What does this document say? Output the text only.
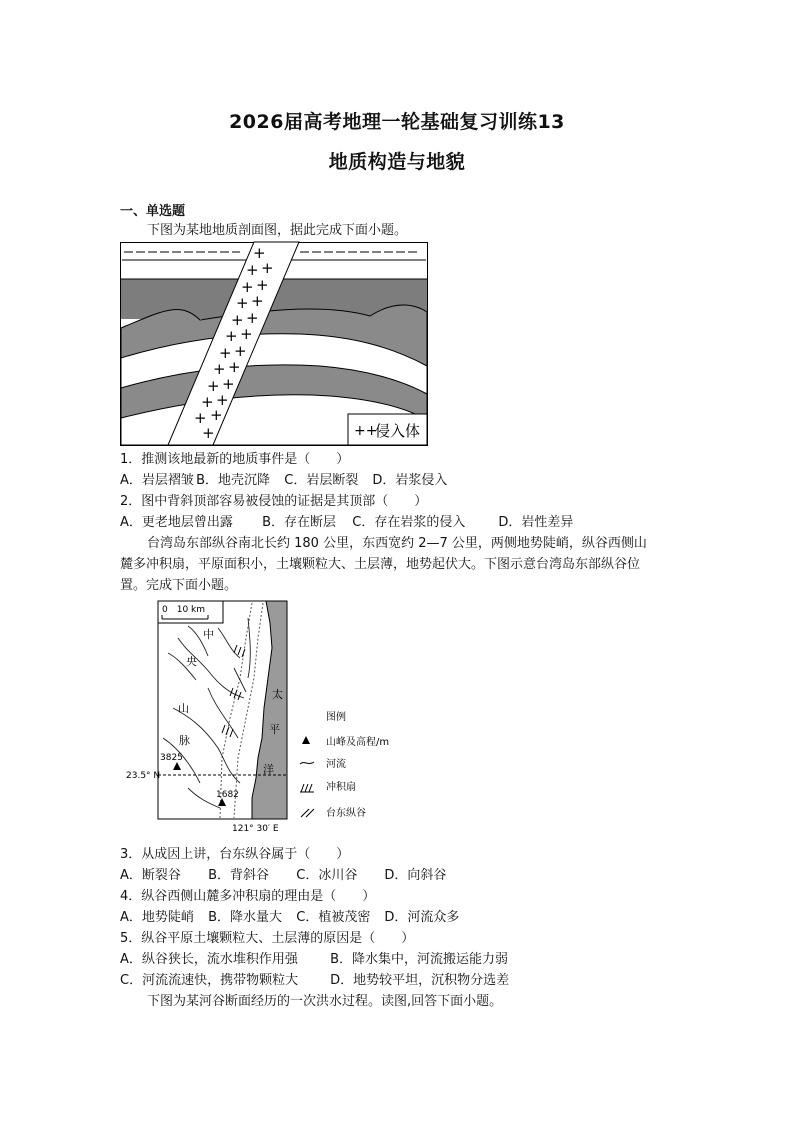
2026届高考地理一轮基础复习训练13
地质构造与地貌
一、单选题
下图为某地地质剖面图，据此完成下面小题。
+
+ +
+ +
+ +
+ +
+ +
+ +
+ +
+ +
+ +
+ +
+	++
侵入体
1．推测该地最新的地质事件是（　　）
A．岩层褶皱 B．地壳沉降 C．岩层断裂 D．岩浆侵入
2．图中背斜顶部容易被侵蚀的证据是其顶部（　　）
A．更老地层曾出露 B．存在断层 C．存在岩浆的侵入	D．岩性差异
台湾岛东部纵谷南北长约 180 公里，东西宽约 2—7 公里，两侧地势陡峭，纵谷西侧山
麓多冲积扇，平原面积小，土壤颗粒大、土层薄，地势起伏大。下图示意台湾岛东部纵谷位
置。完成下面小题。
0　10 km
中
央
山
脉
太
平
洋
3825
1682
23.5° N
121° 30′ E
图例
山峰及高程/m
河流
冲积扇
台东纵谷
3．从成因上讲，台东纵谷属于（　　）
A．断裂谷 B．背斜谷 C．冰川谷 D．向斜谷
4．纵谷西侧山麓多冲积扇的理由是（　　）
A．地势陡峭 B．降水量大 C．植被茂密 D．河流众多
5．纵谷平原土壤颗粒大、土层薄的原因是（　　）
A．纵谷狭长，流水堆积作用强 B．降水集中，河流搬运能力弱
C．河流流速快，携带物颗粒大 D．地势较平坦，沉积物分选差
下图为某河谷断面经历的一次洪水过程。读图,回答下面小题。
